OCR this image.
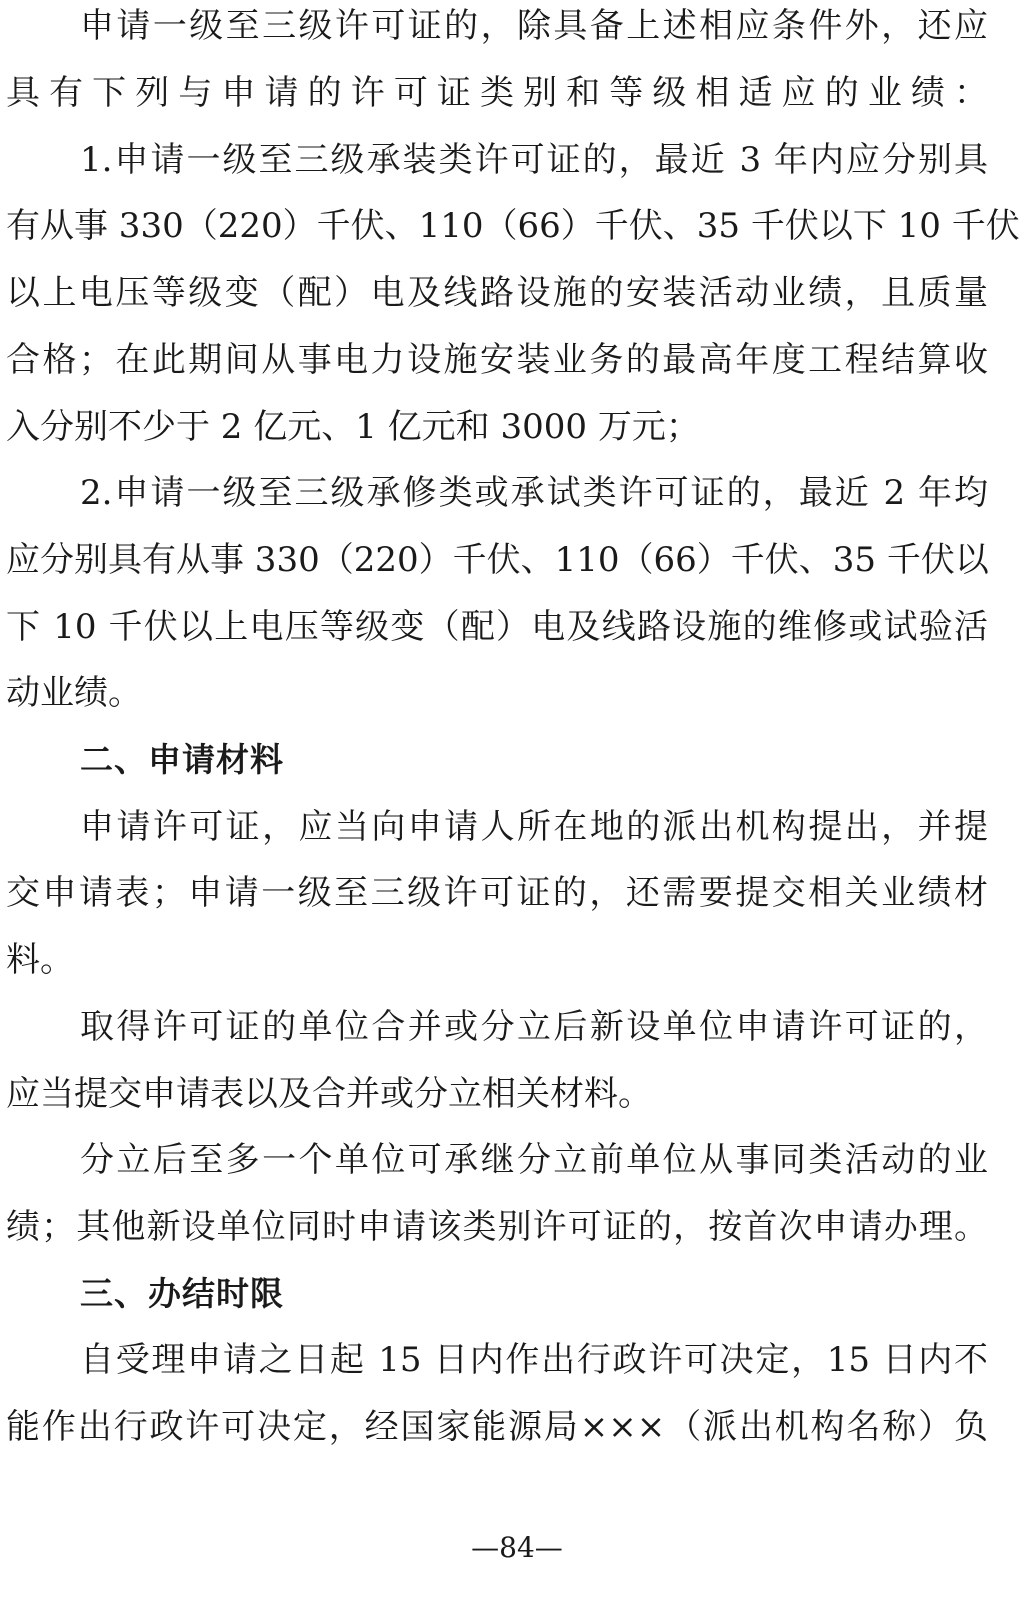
申请一级至三级许可证的，除具备上述相应条件外，还应
具有下列与申请的许可证类别和等级相适应的业绩：
1.申请一级至三级承装类许可证的，最近 3 年内应分别具
有从事 330（220）千伏、110（66）千伏、35 千伏以下 10 千伏
以上电压等级变（配）电及线路设施的安装活动业绩，且质量
合格；在此期间从事电力设施安装业务的最高年度工程结算收
入分别不少于 2 亿元、1 亿元和 3000 万元；
2.申请一级至三级承修类或承试类许可证的，最近 2 年均
应分别具有从事 330（220）千伏、110（66）千伏、35 千伏以
下 10 千伏以上电压等级变（配）电及线路设施的维修或试验活
动业绩。
二、申请材料
申请许可证，应当向申请人所在地的派出机构提出，并提
交申请表；申请一级至三级许可证的，还需要提交相关业绩材
料。
取得许可证的单位合并或分立后新设单位申请许可证的，
应当提交申请表以及合并或分立相关材料。
分立后至多一个单位可承继分立前单位从事同类活动的业
绩；其他新设单位同时申请该类别许可证的，按首次申请办理。
三、办结时限
自受理申请之日起 15 日内作出行政许可决定，15 日内不
能作出行政许可决定，经国家能源局×××（派出机构名称）负
—84—
